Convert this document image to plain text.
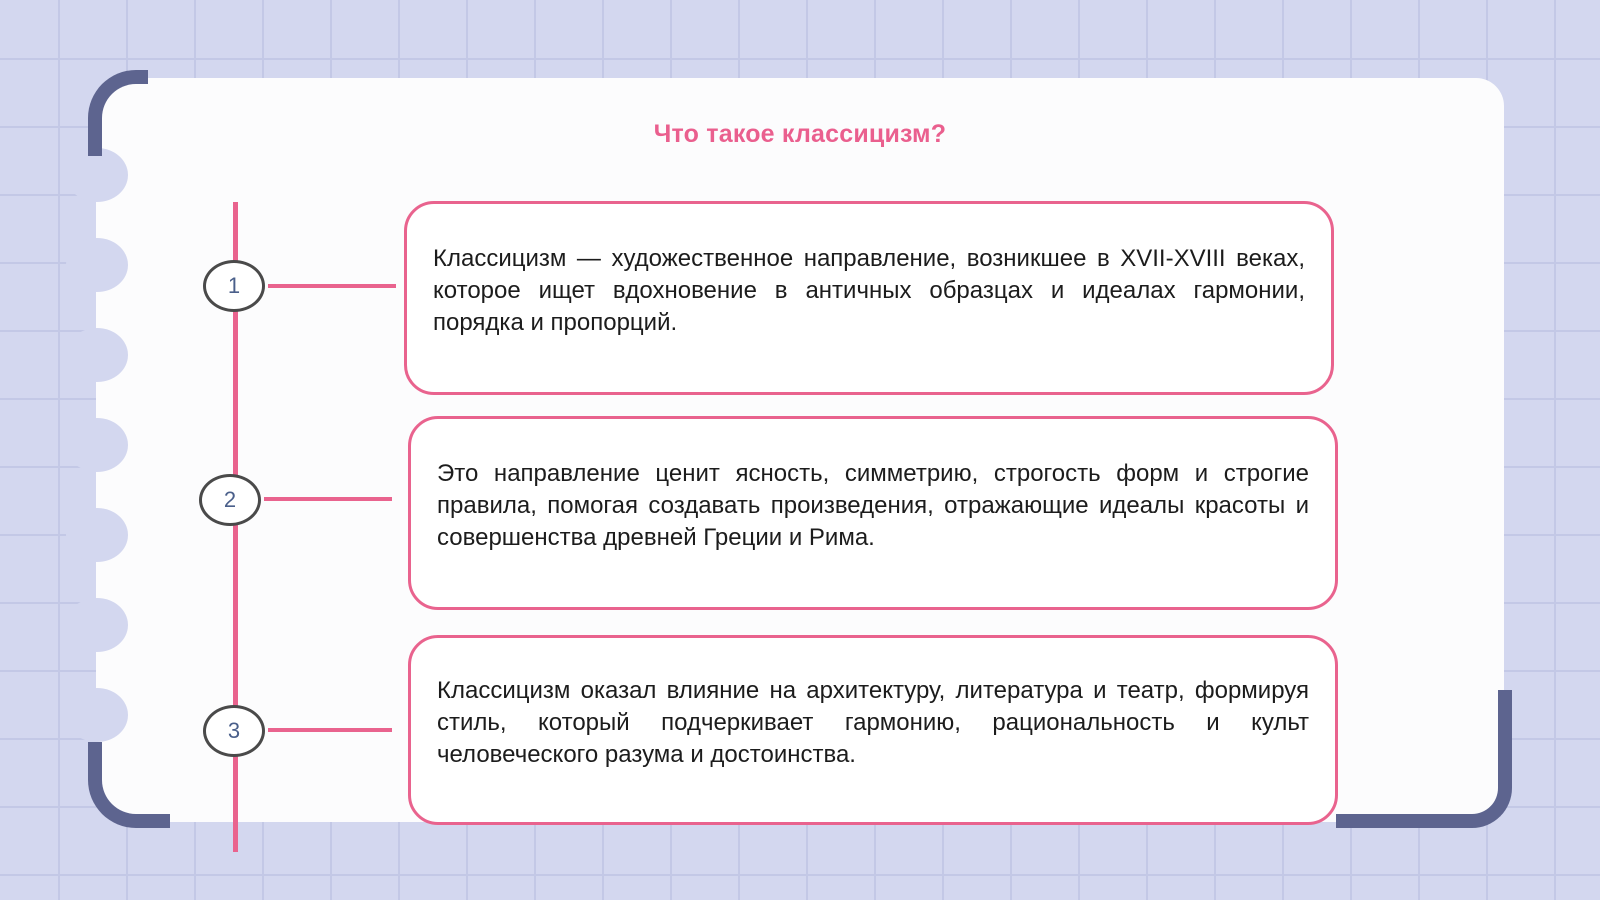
Что такое классицизм?
1
Классицизм — художественное направление, возникшее в XVII-XVIII веках, которое ищет вдохновение в античных образцах и идеалах гармонии, порядка и пропорций.
2
Это направление ценит ясность, симметрию, строгость форм и строгие правила, помогая создавать произведения, отражающие идеалы красоты и совершенства древней Греции и Рима.
3
Классицизм оказал влияние на архитектуру, литература и театр, формируя стиль, который подчеркивает гармонию, рациональность и культ человеческого разума и достоинства.
